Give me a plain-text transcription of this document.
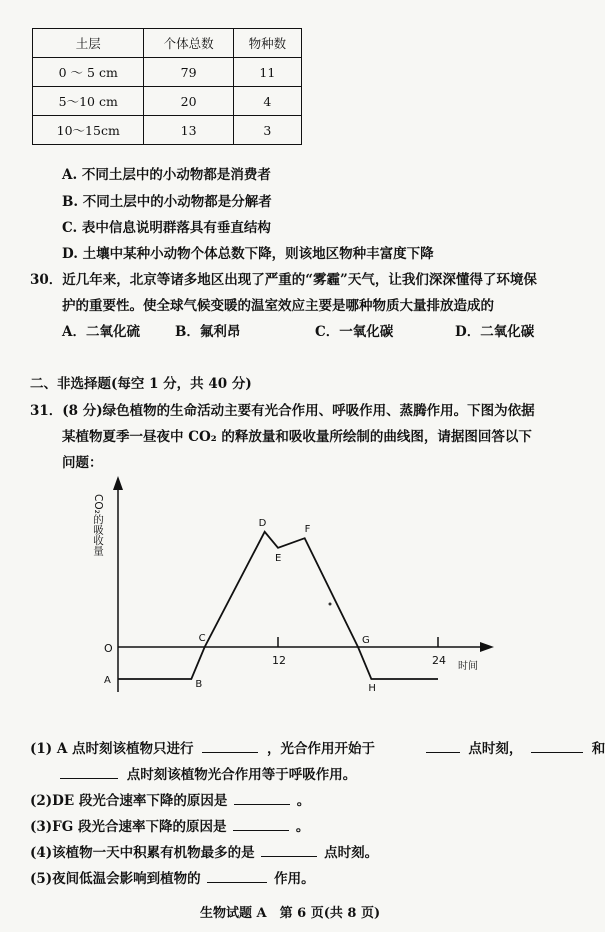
土层	个体总数	物种数
0 ～ 5 cm	79	11
5～10 cm	20	4
10～15cm	13	3
A. 不同土层中的小动物都是消费者
B. 不同土层中的小动物都是分解者
C. 表中信息说明群落具有垂直结构
D. 土壤中某种小动物个体总数下降，则该地区物种丰富度下降
30．近几年来，北京等诸多地区出现了严重的“雾霾”天气，让我们深深懂得了环境保
护的重要性。使全球气候变暖的温室效应主要是哪种物质大量排放造成的
A．二氧化硫	B．氟利昂	C．一氧化碳	D．二氧化碳
二、非选择题(每空 1 分，共 40 分)
31．(8 分)绿色植物的生命活动主要有光合作用、呼吸作用、蒸腾作用。下图为依据
某植物夏季一昼夜中 CO₂ 的释放量和吸收量所绘制的曲线图，请据图回答以下
问题：
12	24
O
时间
CO₂的吸收量
A	B
C
D
E
F
G
H
(1) A 点时刻该植物只进行	，光合作用开始于	点时刻，	和
点时刻该植物光合作用等于呼吸作用。
(2)DE 段光合速率下降的原因是	。
(3)FG 段光合速率下降的原因是	。
(4)该植物一天中积累有机物最多的是	点时刻。
(5)夜间低温会影响到植物的	作用。
生物试题 A　第 6 页(共 8 页)
